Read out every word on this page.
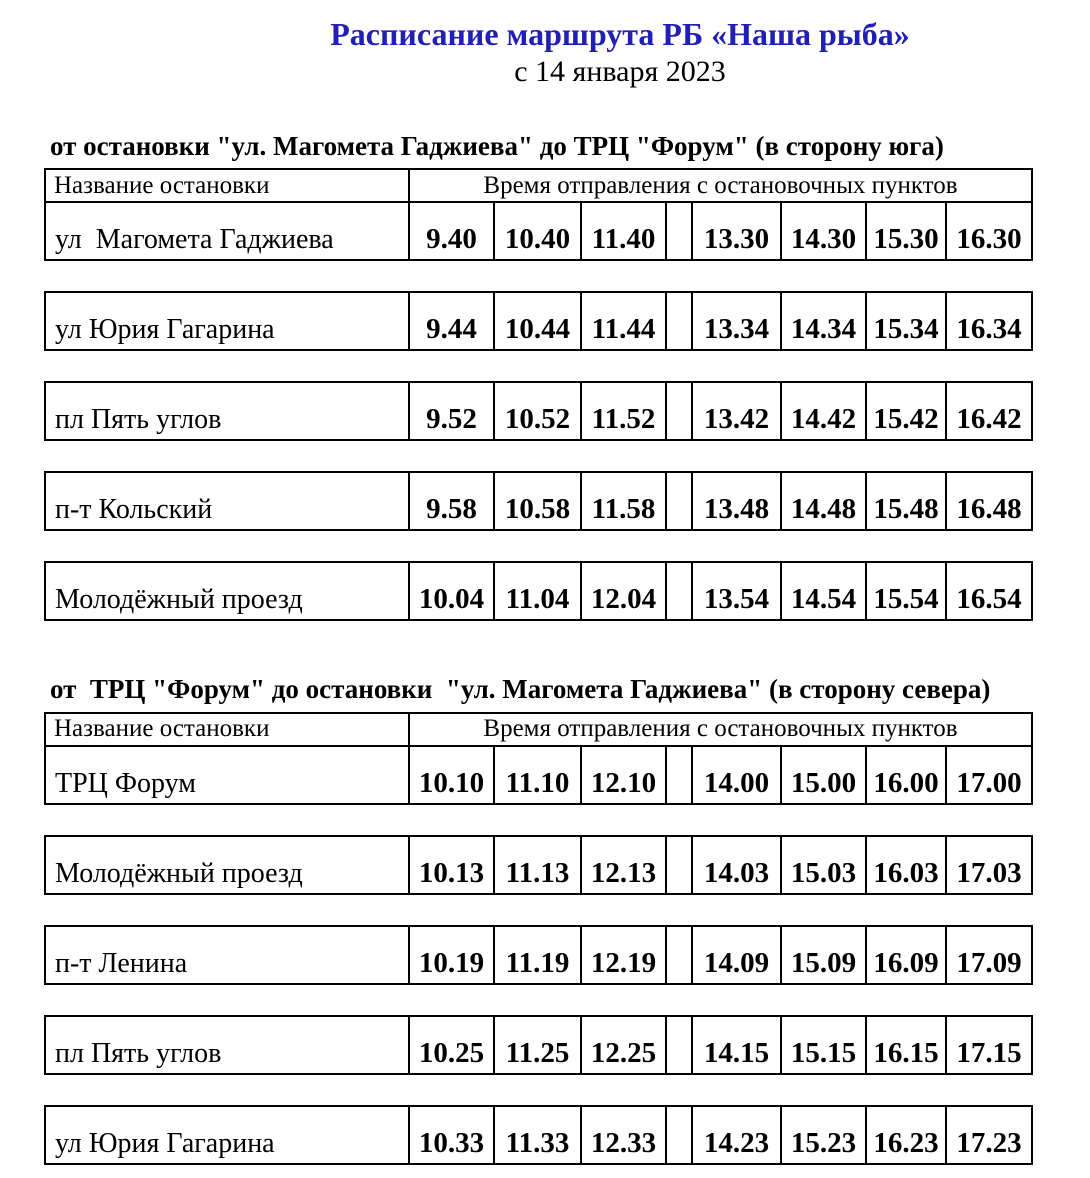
Расписание маршрута РБ «Наша рыба»
с 14 января 2023
от остановки "ул. Магомета Гаджиева" до ТРЦ "Форум" (в сторону юга)
Название остановки	Время отправления с остановочных пунктов
ул  Магомета Гаджиева	9.40 10.40 11.40	13.30 14.30 15.30 16.30
ул Юрия Гагарина	9.44 10.44 11.44	13.34 14.34 15.34 16.34
пл Пять углов	9.52 10.52 11.52	13.42 14.42 15.42 16.42
п-т Кольский	9.58 10.58 11.58	13.48 14.48 15.48 16.48
Молодёжный проезд	10.04 11.04 12.04	13.54 14.54 15.54 16.54
от  ТРЦ "Форум" до остановки  "ул. Магомета Гаджиева" (в сторону севера)
Название остановки	Время отправления с остановочных пунктов
ТРЦ Форум	10.10 11.10 12.10	14.00 15.00 16.00 17.00
Молодёжный проезд	10.13 11.13 12.13	14.03 15.03 16.03 17.03
п-т Ленина	10.19 11.19 12.19	14.09 15.09 16.09 17.09
пл Пять углов	10.25 11.25 12.25	14.15 15.15 16.15 17.15
ул Юрия Гагарина	10.33 11.33 12.33	14.23 15.23 16.23 17.23
